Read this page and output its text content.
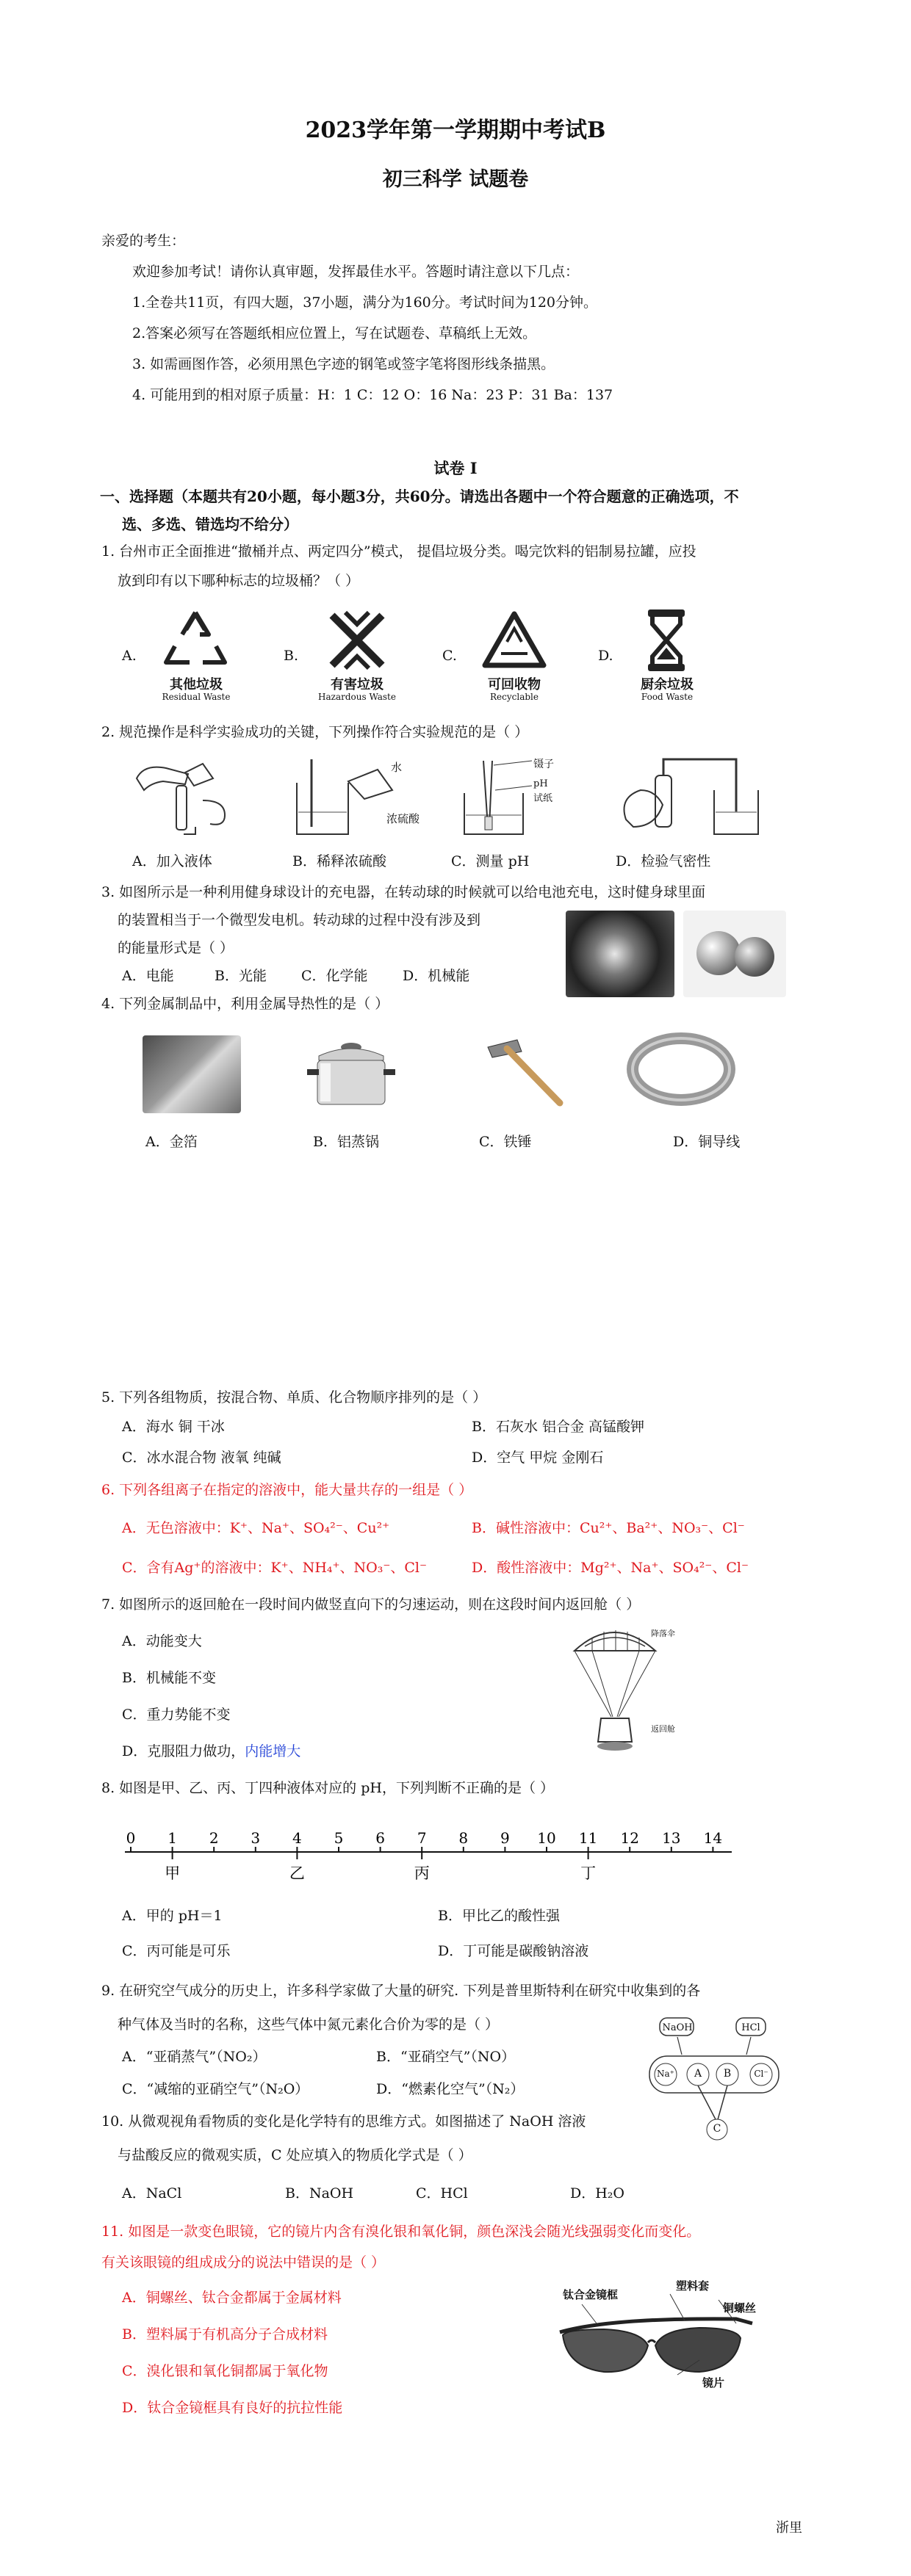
2023学年第一学期期中考试B
初三科学 试题卷
亲爱的考生：
欢迎参加考试！请你认真审题，发挥最佳水平。答题时请注意以下几点：
1.全卷共11页，有四大题，37小题，满分为160分。考试时间为120分钟。
2.答案必须写在答题纸相应位置上，写在试题卷、草稿纸上无效。
3. 如需画图作答，必须用黑色字迹的钢笔或签字笔将图形线条描黑。
4. 可能用到的相对原子质量：H：1 C：12 O：16 Na：23 P：31 Ba：137
试卷 I
一、选择题（本题共有20小题，每小题3分，共60分。请选出各题中一个符合题意的正确选项，不
选、多选、错选均不给分）
1. 台州市正全面推进“撤桶并点、两定四分”模式， 提倡垃圾分类。喝完饮料的铝制易拉罐，应投
放到印有以下哪种标志的垃圾桶？（ ）
A.
其他垃圾
Residual Waste
B.
有害垃圾
Hazardous Waste
C.
可回收物
Recyclable
D.
厨余垃圾
Food Waste
2. 规范操作是科学实验成功的关键，下列操作符合实验规范的是（ ）
水
浓硫酸
镊子
pH
试纸
A．加入液体	B．稀释浓硫酸	C．测量 pH	D．检验气密性
3. 如图所示是一种利用健身球设计的充电器，在转动球的时候就可以给电池充电，这时健身球里面
的装置相当于一个微型发电机。转动球的过程中没有涉及到
的能量形式是（ ）
A．电能	B．光能 C．化学能 D．机械能
4. 下列金属制品中，利用金属导热性的是（ ）
A．金箔	B．铝蒸锅	C．铁锤	D．铜导线
5. 下列各组物质，按混合物、单质、化合物顺序排列的是（ ）
A．海水 铜 干冰	B．石灰水 铝合金 高锰酸钾
C．冰水混合物 液氧 纯碱	D．空气 甲烷 金刚石
6. 下列各组离子在指定的溶液中，能大量共存的一组是（ ）
A．无色溶液中：K⁺、Na⁺、SO₄²⁻、Cu²⁺	B．碱性溶液中：Cu²⁺、Ba²⁺、NO₃⁻、Cl⁻
C．含有Ag⁺的溶液中：K⁺、NH₄⁺、NO₃⁻、Cl⁻	D．酸性溶液中：Mg²⁺、Na⁺、SO₄²⁻、Cl⁻
7. 如图所示的返回舱在一段时间内做竖直向下的匀速运动，则在这段时间内返回舱（ ）
A．动能变大
B．机械能不变
C．重力势能不变
D．克服阻力做功，内能增大
降落伞
返回舱
8. 如图是甲、乙、丙、丁四种液体对应的 pH，下列判断不正确的是（ ）
0 1 2 3 4 5 6 7 8 9 10 11 12 13 14
甲	乙	丙	丁
A．甲的 pH＝1	B．甲比乙的酸性强
C．丙可能是可乐	D．丁可能是碳酸钠溶液
9. 在研究空气成分的历史上，许多科学家做了大量的研究. 下列是普里斯特利在研究中收集到的各
种气体及当时的名称，这些气体中氮元素化合价为零的是（ ）
A．“亚硝蒸气”（NO₂）	B．“亚硝空气”（NO）
C．“减缩的亚硝空气”（N₂O）	D．“燃素化空气”（N₂）
NaOH	HCl
Na⁺	A	B	Cl⁻
C
10. 从微观视角看物质的变化是化学特有的思维方式。如图描述了 NaOH 溶液
与盐酸反应的微观实质，C 处应填入的物质化学式是（ ）
A．NaCl	B．NaOH	C．HCl	D．H₂O
11. 如图是一款变色眼镜，它的镜片内含有溴化银和氧化铜，颜色深浅会随光线强弱变化而变化。
有关该眼镜的组成成分的说法中错误的是（ ）
A．铜螺丝、钛合金都属于金属材料
B．塑料属于有机高分子合成材料
C．溴化银和氧化铜都属于氧化物
D．钛合金镜框具有良好的抗拉性能
钛合金镜框
塑料套
铜螺丝
镜片
浙里
